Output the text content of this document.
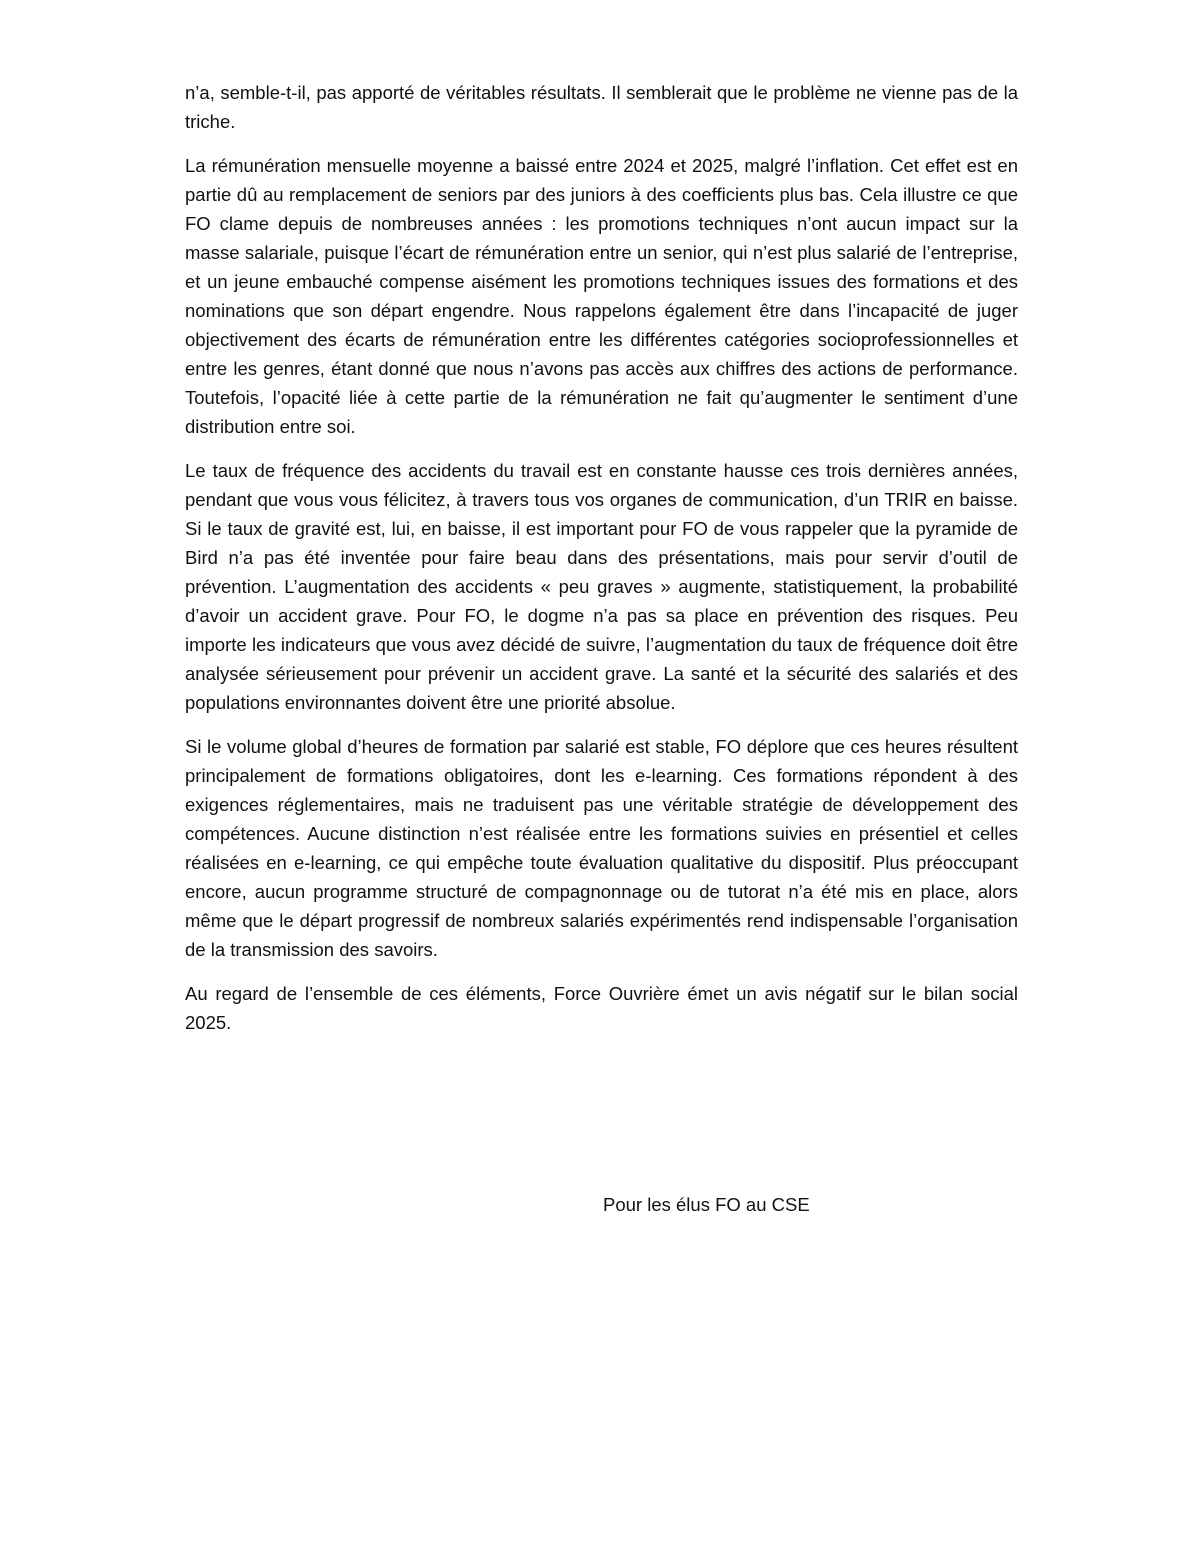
n’a, semble-t-il, pas apporté de véritables résultats. Il semblerait que le problème ne vienne pas de la triche.

La rémunération mensuelle moyenne a baissé entre 2024 et 2025, malgré l’inflation. Cet effet est en partie dû au remplacement de seniors par des juniors à des coefficients plus bas. Cela illustre ce que FO clame depuis de nombreuses années : les promotions techniques n’ont aucun impact sur la masse salariale, puisque l’écart de rémunération entre un senior, qui n’est plus salarié de l’entreprise, et un jeune embauché compense aisément les promotions techniques issues des formations et des nominations que son départ engendre. Nous rappelons également être dans l’incapacité de juger objectivement des écarts de rémunération entre les différentes catégories socioprofessionnelles et entre les genres, étant donné que nous n’avons pas accès aux chiffres des actions de performance. Toutefois, l’opacité liée à cette partie de la rémunération ne fait qu’augmenter le sentiment d’une distribution entre soi.

Le taux de fréquence des accidents du travail est en constante hausse ces trois dernières années, pendant que vous vous félicitez, à travers tous vos organes de communication, d’un TRIR en baisse. Si le taux de gravité est, lui, en baisse, il est important pour FO de vous rappeler que la pyramide de Bird n’a pas été inventée pour faire beau dans des présentations, mais pour servir d’outil de prévention. L’augmentation des accidents « peu graves » augmente, statistiquement, la probabilité d’avoir un accident grave. Pour FO, le dogme n’a pas sa place en prévention des risques. Peu importe les indicateurs que vous avez décidé de suivre, l’augmentation du taux de fréquence doit être analysée sérieusement pour prévenir un accident grave. La santé et la sécurité des salariés et des populations environnantes doivent être une priorité absolue.

Si le volume global d’heures de formation par salarié est stable, FO déplore que ces heures résultent principalement de formations obligatoires, dont les e-learning. Ces formations répondent à des exigences réglementaires, mais ne traduisent pas une véritable stratégie de développement des compétences. Aucune distinction n’est réalisée entre les formations suivies en présentiel et celles réalisées en e-learning, ce qui empêche toute évaluation qualitative du dispositif. Plus préoccupant encore, aucun programme structuré de compagnonnage ou de tutorat n’a été mis en place, alors même que le départ progressif de nombreux salariés expérimentés rend indispensable l’organisation de la transmission des savoirs.

Au regard de l’ensemble de ces éléments, Force Ouvrière émet un avis négatif sur le bilan social 2025.

Pour les élus FO au CSE
